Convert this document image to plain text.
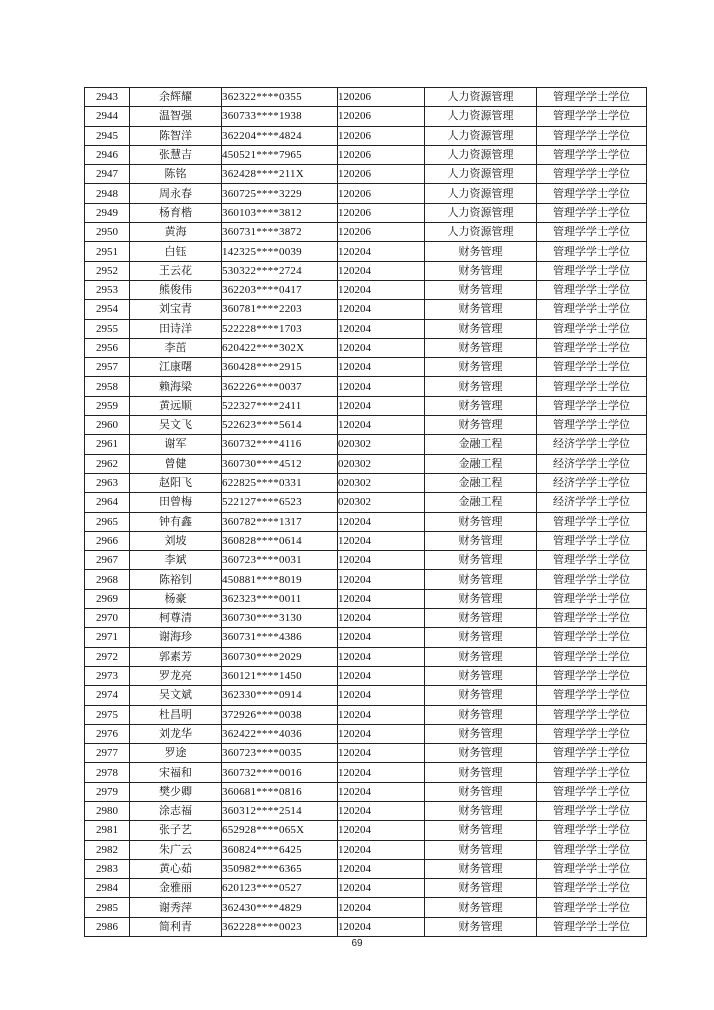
2943	余辉耀	362322****0355	120206	人力资源管理	管理学学士学位
2944	温智强	360733****1938	120206	人力资源管理	管理学学士学位
2945	陈智洋	362204****4824	120206	人力资源管理	管理学学士学位
2946	张慧吉	450521****7965	120206	人力资源管理	管理学学士学位
2947	陈铭	362428****211X	120206	人力资源管理	管理学学士学位
2948	周永春	360725****3229	120206	人力资源管理	管理学学士学位
2949	杨育楷	360103****3812	120206	人力资源管理	管理学学士学位
2950	黄海	360731****3872	120206	人力资源管理	管理学学士学位
2951	白钰	142325****0039	120204	财务管理	管理学学士学位
2952	王云花	530322****2724	120204	财务管理	管理学学士学位
2953	熊俊伟	362203****0417	120204	财务管理	管理学学士学位
2954	刘宝青	360781****2203	120204	财务管理	管理学学士学位
2955	田诗洋	522228****1703	120204	财务管理	管理学学士学位
2956	李茁	620422****302X	120204	财务管理	管理学学士学位
2957	江康曙	360428****2915	120204	财务管理	管理学学士学位
2958	赖海梁	362226****0037	120204	财务管理	管理学学士学位
2959	黄远顺	522327****2411	120204	财务管理	管理学学士学位
2960	吴文飞	522623****5614	120204	财务管理	管理学学士学位
2961	谢军	360732****4116	020302	金融工程	经济学学士学位
2962	曾健	360730****4512	020302	金融工程	经济学学士学位
2963	赵阳飞	622825****0331	020302	金融工程	经济学学士学位
2964	田曾梅	522127****6523	020302	金融工程	经济学学士学位
2965	钟有鑫	360782****1317	120204	财务管理	管理学学士学位
2966	刘坡	360828****0614	120204	财务管理	管理学学士学位
2967	李斌	360723****0031	120204	财务管理	管理学学士学位
2968	陈裕钊	450881****8019	120204	财务管理	管理学学士学位
2969	杨豪	362323****0011	120204	财务管理	管理学学士学位
2970	柯尊清	360730****3130	120204	财务管理	管理学学士学位
2971	谢海珍	360731****4386	120204	财务管理	管理学学士学位
2972	郭素芳	360730****2029	120204	财务管理	管理学学士学位
2973	罗龙亮	360121****1450	120204	财务管理	管理学学士学位
2974	吴文斌	362330****0914	120204	财务管理	管理学学士学位
2975	杜昌明	372926****0038	120204	财务管理	管理学学士学位
2976	刘龙华	362422****4036	120204	财务管理	管理学学士学位
2977	罗途	360723****0035	120204	财务管理	管理学学士学位
2978	宋福和	360732****0016	120204	财务管理	管理学学士学位
2979	樊少卿	360681****0816	120204	财务管理	管理学学士学位
2980	涂志福	360312****2514	120204	财务管理	管理学学士学位
2981	张子艺	652928****065X	120204	财务管理	管理学学士学位
2982	朱广云	360824****6425	120204	财务管理	管理学学士学位
2983	黄心茹	350982****6365	120204	财务管理	管理学学士学位
2984	金雅丽	620123****0527	120204	财务管理	管理学学士学位
2985	谢秀萍	362430****4829	120204	财务管理	管理学学士学位
2986	简利青	362228****0023	120204	财务管理	管理学学士学位
69
